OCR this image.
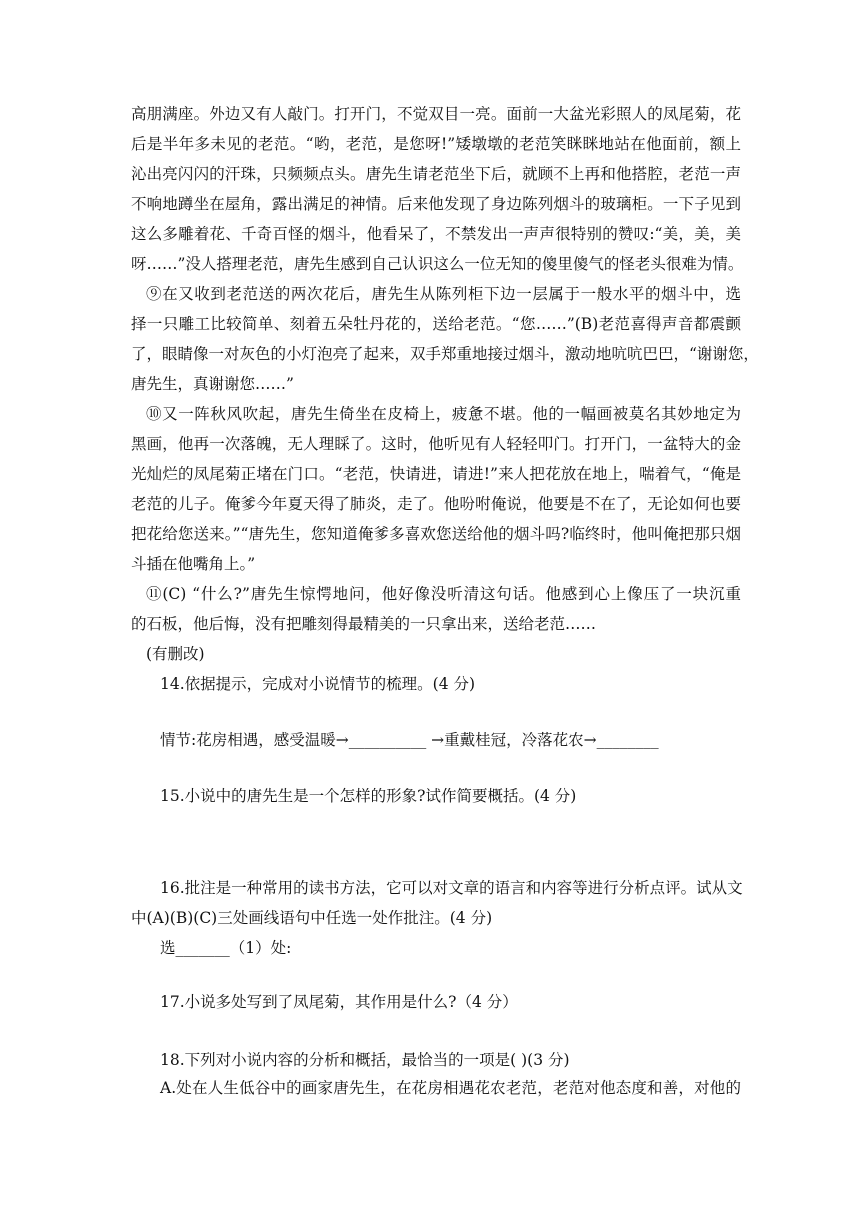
高朋满座。外边又有人敲门。打开门，不觉双目一亮。面前一大盆光彩照人的凤尾菊，花
后是半年多未见的老范。“哟，老范，是您呀!”矮墩墩的老范笑眯眯地站在他面前，额上
沁出亮闪闪的汗珠，只频频点头。唐先生请老范坐下后，就顾不上再和他搭腔，老范一声
不响地蹲坐在屋角，露出满足的神情。后来他发现了身边陈列烟斗的玻璃柜。一下子见到
这么多雕着花、千奇百怪的烟斗，他看呆了，不禁发出一声声很特别的赞叹:“美，美，美
呀……”没人搭理老范，唐先生感到自己认识这么一位无知的傻里傻气的怪老头很难为情。
⑨在又收到老范送的两次花后，唐先生从陈列柜下边一层属于一般水平的烟斗中，选
择一只雕工比较简单、刻着五朵牡丹花的，送给老范。“您……”(B)老范喜得声音都震颤
了，眼睛像一对灰色的小灯泡亮了起来，双手郑重地接过烟斗，激动地吭吭巴巴，“谢谢您，
唐先生，真谢谢您……”
⑩又一阵秋风吹起，唐先生倚坐在皮椅上，疲惫不堪。他的一幅画被莫名其妙地定为
黑画，他再一次落魄，无人理睬了。这时，他听见有人轻轻叩门。打开门，一盆特大的金
光灿烂的凤尾菊正堵在门口。“老范，快请进，请进!”来人把花放在地上，喘着气，“俺是
老范的儿子。俺爹今年夏天得了肺炎，走了。他吩咐俺说，他要是不在了，无论如何也要
把花给您送来。”“唐先生，您知道俺爹多喜欢您送给他的烟斗吗?临终时，他叫俺把那只烟
斗插在他嘴角上。”
⑪(C) “什么?”唐先生惊愕地问，他好像没听清这句话。他感到心上像压了一块沉重
的石板，他后悔，没有把雕刻得最精美的一只拿出来，送给老范……
(有删改)
14.依据提示，完成对小说情节的梳理。(4 分)
情节:花房相遇，感受温暖→__________ →重戴桂冠，冷落花农→________
15.小说中的唐先生是一个怎样的形象?试作简要概括。(4 分)
16.批注是一种常用的读书方法，它可以对文章的语言和内容等进行分析点评。试从文
中(A)(B)(C)三处画线语句中任选一处作批注。(4 分)
选_______（1）处:
17.小说多处写到了凤尾菊，其作用是什么?（4 分）
18.下列对小说内容的分析和概括，最恰当的一项是( )(3 分)
A.处在人生低谷中的画家唐先生，在花房相遇花农老范，老范对他态度和善，对他的
